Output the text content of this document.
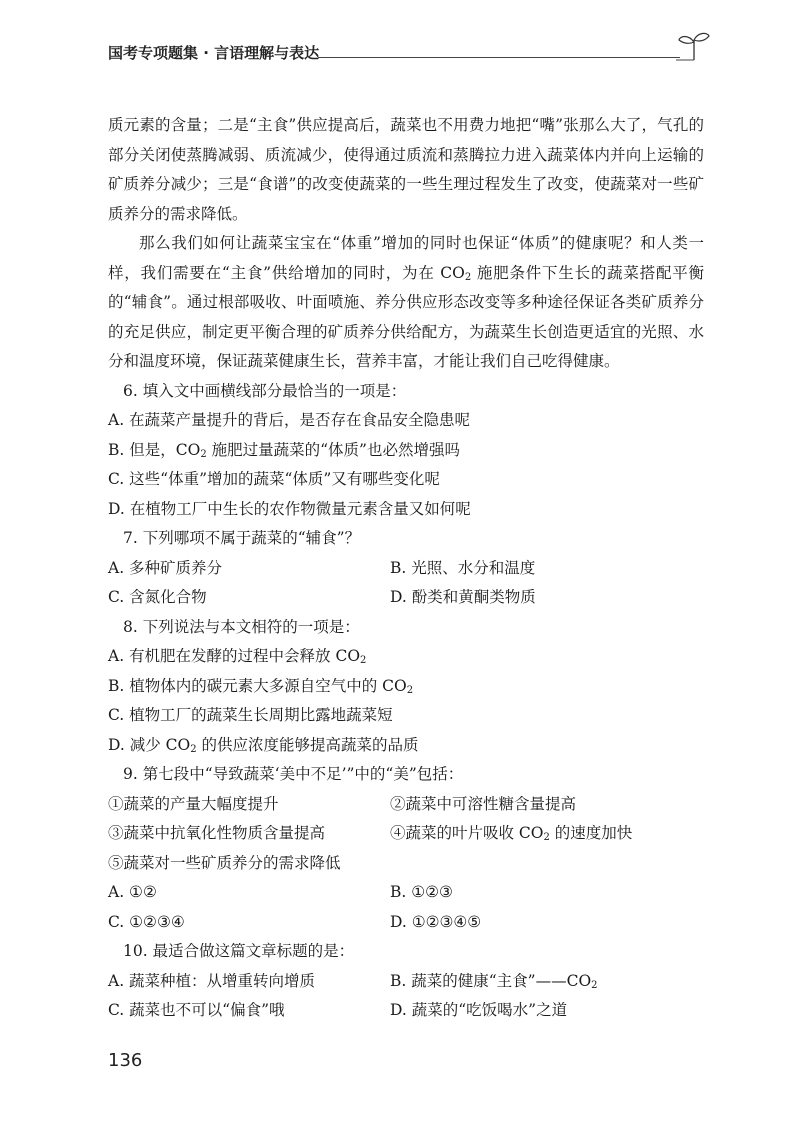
国考专项题集 · 言语理解与表达

质元素的含量；二是“主食”供应提高后，蔬菜也不用费力地把“嘴”张那么大了，气孔的部分关闭使蒸腾减弱、质流减少，使得通过质流和蒸腾拉力进入蔬菜体内并向上运输的矿质养分减少；三是“食谱”的改变使蔬菜的一些生理过程发生了改变，使蔬菜对一些矿质养分的需求降低。

那么我们如何让蔬菜宝宝在“体重”增加的同时也保证“体质”的健康呢？和人类一样，我们需要在“主食”供给增加的同时，为在 $CO_2$ 施肥条件下生长的蔬菜搭配平衡的“辅食”。通过根部吸收、叶面喷施、养分供应形态改变等多种途径保证各类矿质养分的充足供应，制定更平衡合理的矿质养分供给配方，为蔬菜生长创造更适宜的光照、水分和温度环境，保证蔬菜健康生长，营养丰富，才能让我们自己吃得健康。

6. 填入文中画横线部分最恰当的一项是：

A. 在蔬菜产量提升的背后，是否存在食品安全隐患呢

B. 但是，$CO_2$ 施肥过量蔬菜的“体质”也必然增强吗

C. 这些“体重”增加的蔬菜“体质”又有哪些变化呢

D. 在植物工厂中生长的农作物微量元素含量又如何呢

7. 下列哪项不属于蔬菜的“辅食”？

A. 多种矿质养分	B. 光照、水分和温度
C. 含氮化合物	D. 酚类和黄酮类物质

8. 下列说法与本文相符的一项是：

A. 有机肥在发酵的过程中会释放 $CO_2$

B. 植物体内的碳元素大多源自空气中的 $CO_2$

C. 植物工厂的蔬菜生长周期比露地蔬菜短

D. 减少 $CO_2$ 的供应浓度能够提高蔬菜的品质

9. 第七段中“导致蔬菜‘美中不足’”中的“美”包括：

①蔬菜的产量大幅度提升	②蔬菜中可溶性糖含量提高
③蔬菜中抗氧化性物质含量提高	④蔬菜的叶片吸收 $CO_2$ 的速度加快

⑤蔬菜对一些矿质养分的需求降低

A. ①②	B. ①②③
C. ①②③④	D. ①②③④⑤

10. 最适合做这篇文章标题的是：

A. 蔬菜种植：从增重转向增质	B. 蔬菜的健康“主食$”——CO_2$
C. 蔬菜也不可以“偏食”哦	D. 蔬菜的“吃饭喝水”之道
136
